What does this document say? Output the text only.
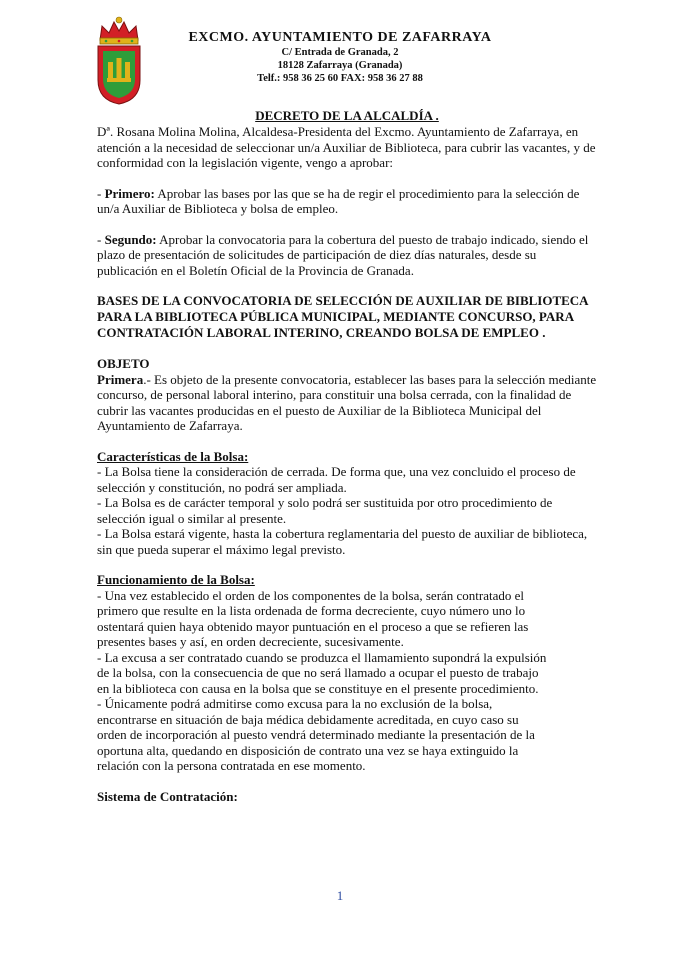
EXCMO. AYUNTAMIENTO DE ZAFARRAYA
C/ Entrada de Granada, 2
18128 Zafarraya (Granada)
Telf.: 958 36 25 60 FAX: 958 36 27 88
DECRETO DE LA ALCALDÍA .

Dª. Rosana Molina Molina, Alcaldesa-Presidenta del Excmo. Ayuntamiento de Zafarraya, en atención a la necesidad de seleccionar un/a Auxiliar de Biblioteca, para cubrir las vacantes, y de conformidad con la legislación vigente, vengo a aprobar:

- Primero: Aprobar las bases por las que se ha de regir el procedimiento para la selección de un/a Auxiliar de Biblioteca y bolsa de empleo.

- Segundo: Aprobar la convocatoria para la cobertura del puesto de trabajo indicado, siendo el plazo de presentación de solicitudes de participación de diez días naturales, desde su publicación en el Boletín Oficial de la Provincia de Granada.

BASES DE LA CONVOCATORIA DE SELECCIÓN DE AUXILIAR DE BIBLIOTECA PARA LA BIBLIOTECA PÚBLICA MUNICIPAL, MEDIANTE CONCURSO, PARA CONTRATACIÓN LABORAL INTERINO, CREANDO BOLSA DE EMPLEO .
OBJETO

Primera.- Es objeto de la presente convocatoria, establecer las bases para la selección mediante concurso, de personal laboral interino, para constituir una bolsa cerrada, con la finalidad de cubrir las vacantes producidas en el puesto de Auxiliar de la Biblioteca Municipal del Ayuntamiento de Zafarraya.

Características de la Bolsa:

- La Bolsa tiene la consideración de cerrada. De forma que, una vez concluido el proceso de selección y constitución, no podrá ser ampliada.

- La Bolsa es de carácter temporal y solo podrá ser sustituida por otro procedimiento de selección igual o similar al presente.

- La Bolsa estará vigente, hasta la cobertura reglamentaria del puesto de auxiliar de biblioteca, sin que pueda superar el máximo legal previsto.

Funcionamiento de la Bolsa:

- Una vez establecido el orden de los componentes de la bolsa, serán contratado el primero que resulte en la lista ordenada de forma decreciente, cuyo número uno lo ostentará quien haya obtenido mayor puntuación en el proceso a que se refieren las presentes bases y así, en orden decreciente, sucesivamente.

- La excusa a ser contratado cuando se produzca el llamamiento supondrá la expulsión de la bolsa, con la consecuencia de que no será llamado a ocupar el puesto de trabajo en la biblioteca con causa en la bolsa que se constituye en el presente procedimiento.

- Únicamente podrá admitirse como excusa para la no exclusión de la bolsa, encontrarse en situación de baja médica debidamente acreditada, en cuyo caso su orden de incorporación al puesto vendrá determinado mediante la presentación de la oportuna alta, quedando en disposición de contrato una vez se haya extinguido la relación con la persona contratada en ese momento.

Sistema de Contratación:
1
